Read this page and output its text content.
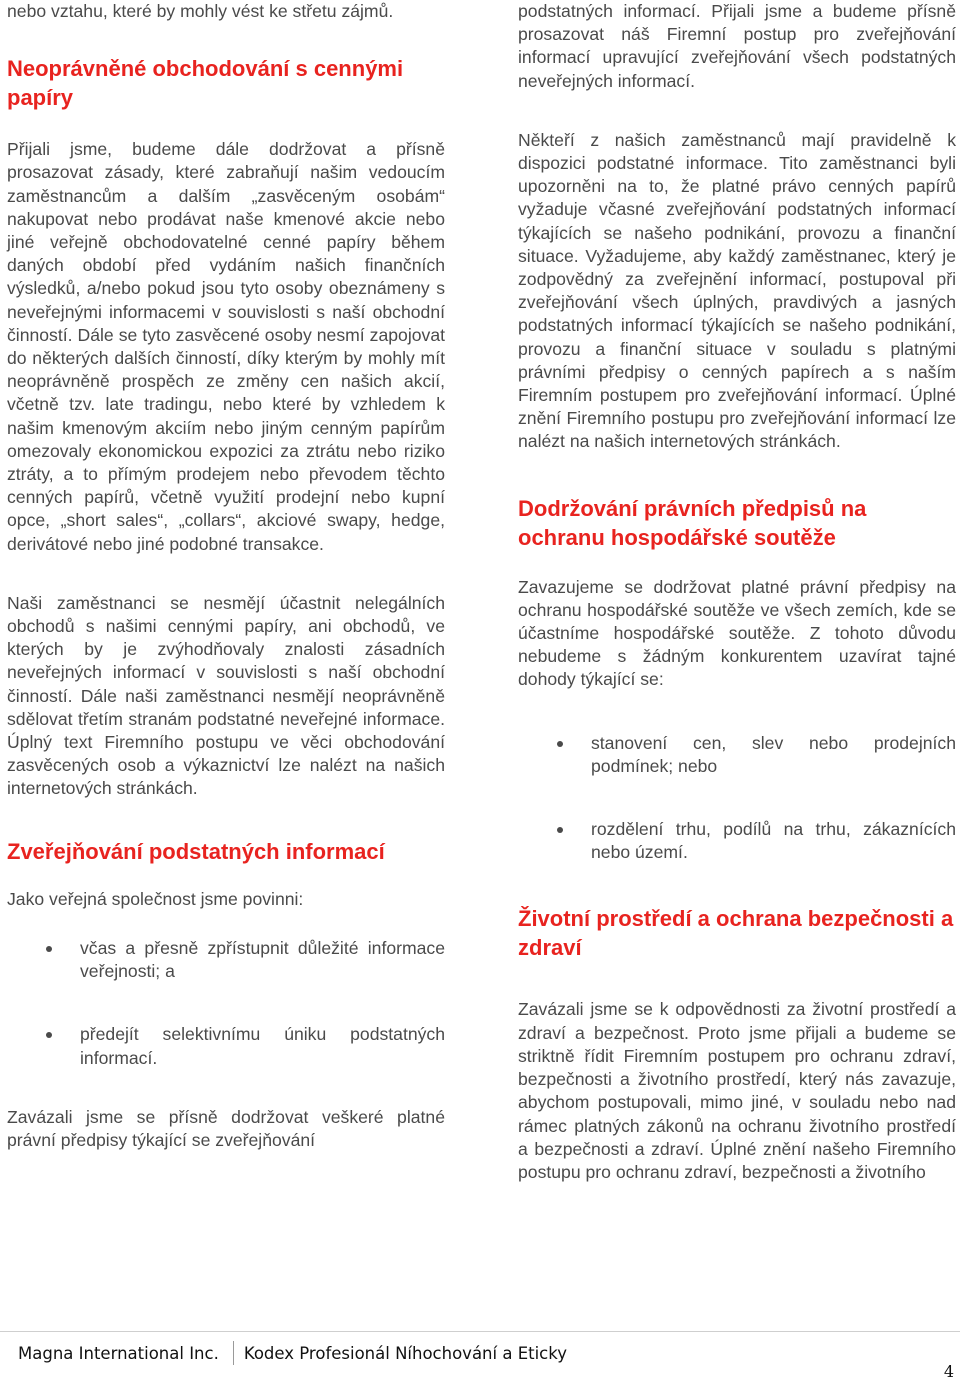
nebo vztahu, které by mohly vést ke střetu zájmů.

Neoprávněné obchodování s cennými papíry

Přijali jsme, budeme dále dodržovat a přísně prosazovat zásady, které zabraňují našim vedoucím zaměstnancům a dalším „zasvěceným osobám“ nakupovat nebo prodávat naše kmenové akcie nebo jiné veřejně obchodovatelné cenné papíry během daných období před vydáním našich finančních výsledků, a/nebo pokud jsou tyto osoby obeznámeny s neveřejnými informacemi v souvislosti s naší obchodní činností. Dále se tyto zasvěcené osoby nesmí zapojovat do některých dalších činností, díky kterým by mohly mít neoprávněně prospěch ze změny cen našich akcií, včetně tzv. late tradingu, nebo které by vzhledem k našim kmenovým akciím nebo jiným cenným papírům omezovaly ekonomickou expozici za ztrátu nebo riziko ztráty, a to přímým prodejem nebo převodem těchto cenných papírů, včetně využití prodejní nebo kupní opce, „short sales“, „collars“, akciové swapy, hedge, derivátové nebo jiné podobné transakce.

Naši zaměstnanci se nesmějí účastnit nelegálních obchodů s našimi cennými papíry, ani obchodů, ve kterých by je zvýhodňovaly znalosti zásadních neveřejných informací v souvislosti s naší obchodní činností. Dále naši zaměstnanci nesmějí neoprávněně sdělovat třetím stranám podstatné neveřejné informace. Úplný text Firemního postupu ve věci obchodování zasvěcených osob a výkaznictví lze nalézt na našich internetových stránkách.

Zveřejňování podstatných informací

Jako veřejná společnost jsme povinni:

včas a přesně zpřístupnit důležité informace veřejnosti; a
předejít selektivnímu úniku podstatných informací.

Zavázali jsme se přísně dodržovat veškeré platné právní předpisy týkající se zveřejňování

podstatných informací. Přijali jsme a budeme přísně prosazovat náš Firemní postup pro zveřejňování informací upravující zveřejňování všech podstatných neveřejných informací.

Někteří z našich zaměstnanců mají pravidelně k dispozici podstatné informace. Tito zaměstnanci byli upozorněni na to, že platné právo cenných papírů vyžaduje včasné zveřejňování podstatných informací týkajících se našeho podnikání, provozu a finanční situace. Vyžadujeme, aby každý zaměstnanec, který je zodpovědný za zveřejnění informací, postupoval při zveřejňování všech úplných, pravdivých a jasných podstatných informací týkajících se našeho podnikání, provozu a finanční situace v souladu s platnými právními předpisy o cenných papírech a s naším Firemním postupem pro zveřejňování informací. Úplné znění Firemního postupu pro zveřejňování informací lze nalézt na našich internetových stránkách.

Dodržování právních předpisů na ochranu hospodářské soutěže

Zavazujeme se dodržovat platné právní předpisy na ochranu hospodářské soutěže ve všech zemích, kde se účastníme hospodářské soutěže. Z tohoto důvodu nebudeme s žádným konkurentem uzavírat tajné dohody týkající se:

stanovení cen, slev nebo prodejních podmínek; nebo
rozdělení trhu, podílů na trhu, zákaznících nebo území.
Životní prostředí a ochrana bezpečnosti a zdraví

Zavázali jsme se k odpovědnosti za životní prostředí a zdraví a bezpečnost. Proto jsme přijali a budeme se striktně řídit Firemním postupem pro ochranu zdraví, bezpečnosti a životního prostředí, který nás zavazuje, abychom postupovali, mimo jiné, v souladu nebo nad rámec platných zákonů na ochranu životního prostředí a bezpečnosti a zdraví. Úplné znění našeho Firemního postupu pro ochranu zdraví, bezpečnosti a životního

Magna International Inc. Kodex Profesionál Níhochování a Eticky
4
